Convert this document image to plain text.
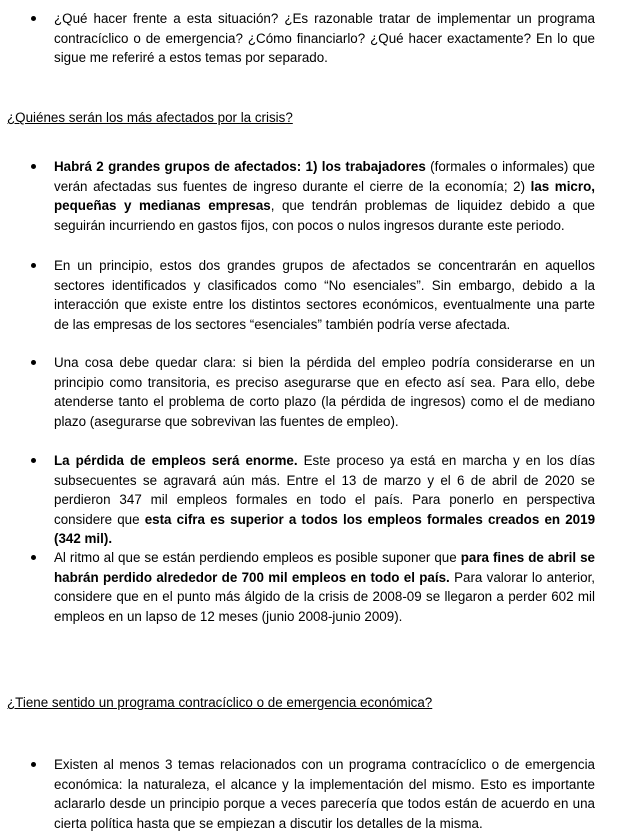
¿Qué hacer frente a esta situación? ¿Es razonable tratar de implementar un programa contracíclico o de emergencia? ¿Cómo financiarlo? ¿Qué hacer exactamente? En lo que sigue me referiré a estos temas por separado.

¿Quiénes serán los más afectados por la crisis?

Habrá 2 grandes grupos de afectados: 1) los trabajadores (formales o informales) que verán afectadas sus fuentes de ingreso durante el cierre de la economía; 2) las micro, pequeñas y medianas empresas, que tendrán problemas de liquidez debido a que seguirán incurriendo en gastos fijos, con pocos o nulos ingresos durante este periodo.

En un principio, estos dos grandes grupos de afectados se concentrarán en aquellos sectores identificados y clasificados como “No esenciales”. Sin embargo, debido a la interacción que existe entre los distintos sectores económicos, eventualmente una parte de las empresas de los sectores “esenciales” también podría verse afectada.

Una cosa debe quedar clara: si bien la pérdida del empleo podría considerarse en un principio como transitoria, es preciso asegurarse que en efecto así sea. Para ello, debe atenderse tanto el problema de corto plazo (la pérdida de ingresos) como el de mediano plazo (asegurarse que sobrevivan las fuentes de empleo).

La pérdida de empleos será enorme. Este proceso ya está en marcha y en los días subsecuentes se agravará aún más. Entre el 13 de marzo y el 6 de abril de 2020 se perdieron 347 mil empleos formales en todo el país. Para ponerlo en perspectiva considere que esta cifra es superior a todos los empleos formales creados en 2019 (342 mil).

Al ritmo al que se están perdiendo empleos es posible suponer que para fines de abril se habrán perdido alrededor de 700 mil empleos en todo el país. Para valorar lo anterior, considere que en el punto más álgido de la crisis de 2008-09 se llegaron a perder 602 mil empleos en un lapso de 12 meses (junio 2008-junio 2009).

¿Tiene sentido un programa contracíclico o de emergencia económica?

Existen al menos 3 temas relacionados con un programa contracíclico o de emergencia económica: la naturaleza, el alcance y la implementación del mismo. Esto es importante aclararlo desde un principio porque a veces parecería que todos están de acuerdo en una cierta política hasta que se empiezan a discutir los detalles de la misma.
